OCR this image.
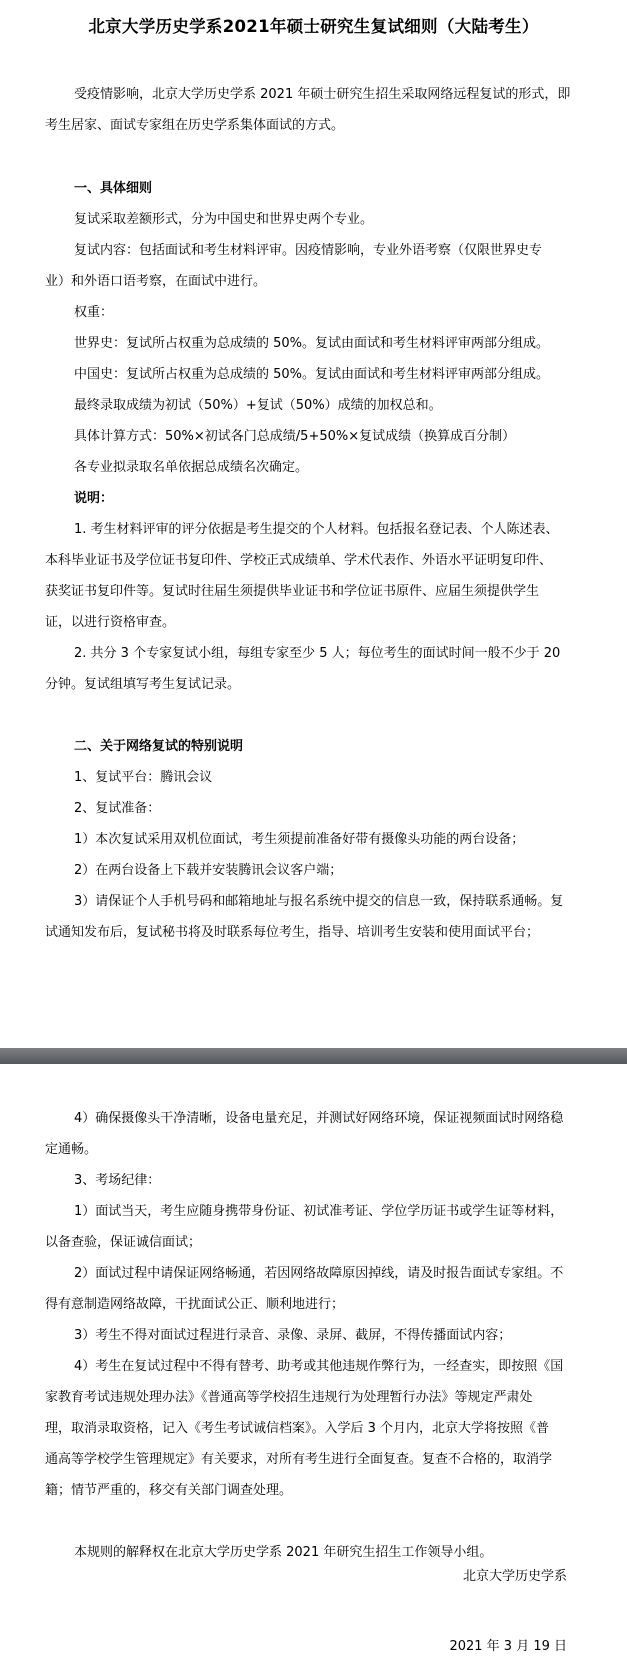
北京大学历史学系2021年硕士研究生复试细则（大陆考生）
受疫情影响，北京大学历史学系 2021 年硕士研究生招生采取网络远程复试的形式，即
考生居家、面试专家组在历史学系集体面试的方式。
一、具体细则
复试采取差额形式，分为中国史和世界史两个专业。
复试内容：包括面试和考生材料评审。因疫情影响，专业外语考察（仅限世界史专
业）和外语口语考察，在面试中进行。
权重：
世界史：复试所占权重为总成绩的 50%。复试由面试和考生材料评审两部分组成。
中国史：复试所占权重为总成绩的 50%。复试由面试和考生材料评审两部分组成。
最终录取成绩为初试（50%）+复试（50%）成绩的加权总和。
具体计算方式：50%×初试各门总成绩/5+50%×复试成绩（换算成百分制）
各专业拟录取名单依据总成绩名次确定。
说明：
1. 考生材料评审的评分依据是考生提交的个人材料。包括报名登记表、个人陈述表、
本科毕业证书及学位证书复印件、学校正式成绩单、学术代表作、外语水平证明复印件、
获奖证书复印件等。复试时往届生须提供毕业证书和学位证书原件、应届生须提供学生
证，以进行资格审查。
2. 共分 3 个专家复试小组，每组专家至少 5 人；每位考生的面试时间一般不少于 20
分钟。复试组填写考生复试记录。
二、关于网络复试的特别说明
1、复试平台：腾讯会议
2、复试准备：
1）本次复试采用双机位面试，考生须提前准备好带有摄像头功能的两台设备；
2）在两台设备上下载并安装腾讯会议客户端；
3）请保证个人手机号码和邮箱地址与报名系统中提交的信息一致，保持联系通畅。复
试通知发布后，复试秘书将及时联系每位考生，指导、培训考生安装和使用面试平台；
4）确保摄像头干净清晰，设备电量充足，并测试好网络环境，保证视频面试时网络稳
定通畅。
3、考场纪律：
1）面试当天，考生应随身携带身份证、初试准考证、学位学历证书或学生证等材料，
以备查验，保证诚信面试；
2）面试过程中请保证网络畅通，若因网络故障原因掉线，请及时报告面试专家组。不
得有意制造网络故障，干扰面试公正、顺利地进行；
3）考生不得对面试过程进行录音、录像、录屏、截屏，不得传播面试内容；
4）考生在复试过程中不得有替考、助考或其他违规作弊行为，一经查实，即按照《国
家教育考试违规处理办法》《普通高等学校招生违规行为处理暂行办法》等规定严肃处
理，取消录取资格，记入《考生考试诚信档案》。入学后 3 个月内，北京大学将按照《普
通高等学校学生管理规定》有关要求，对所有考生进行全面复查。复查不合格的，取消学
籍；情节严重的，移交有关部门调查处理。
本规则的解释权在北京大学历史学系 2021 年研究生招生工作领导小组。
北京大学历史学系
2021 年 3 月 19 日
